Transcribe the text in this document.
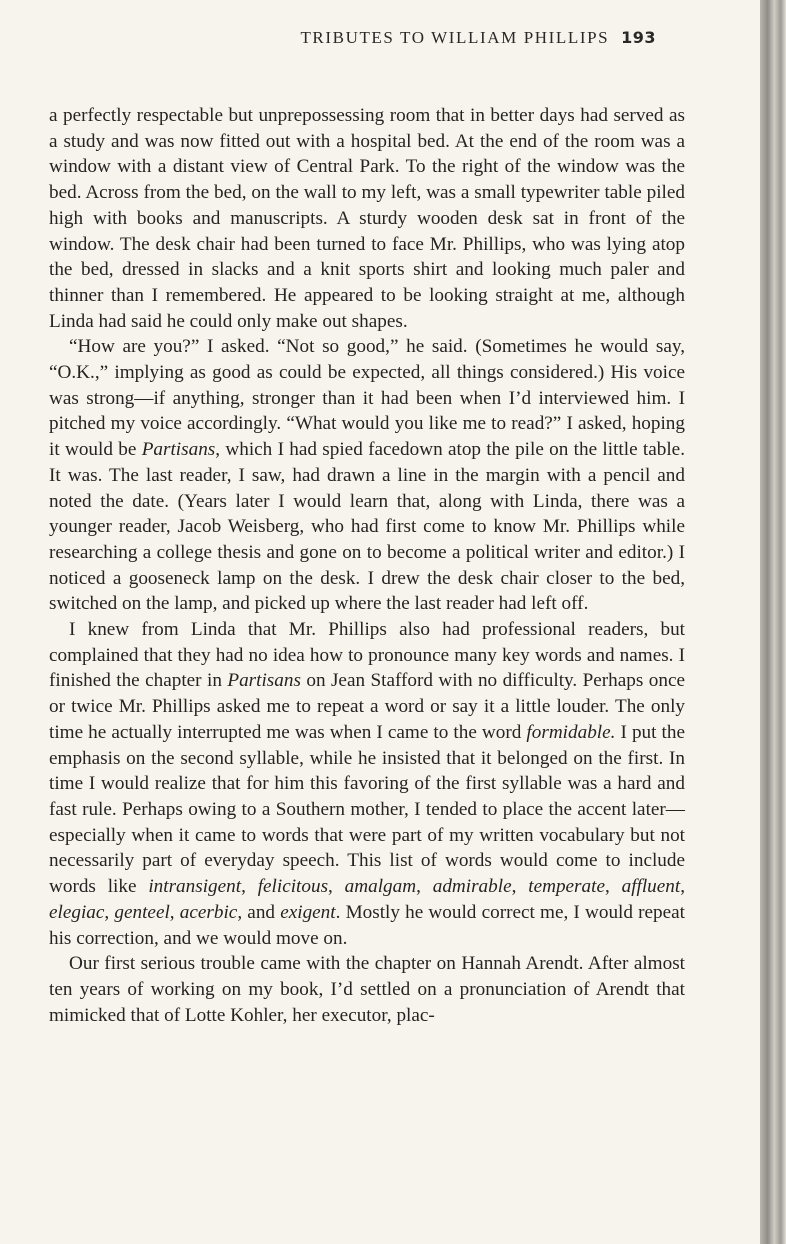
TRIBUTES TO WILLIAM PHILLIPS 193

a perfectly respectable but unprepossessing room that in better days had served as a study and was now fitted out with a hospital bed. At the end of the room was a window with a distant view of Central Park. To the right of the window was the bed. Across from the bed, on the wall to my left, was a small typewriter table piled high with books and manuscripts. A sturdy wooden desk sat in front of the window. The desk chair had been turned to face Mr. Phillips, who was lying atop the bed, dressed in slacks and a knit sports shirt and looking much paler and thinner than I remembered. He appeared to be looking straight at me, although Linda had said he could only make out shapes.

“How are you?” I asked. “Not so good,” he said. (Sometimes he would say, “O.K.,” implying as good as could be expected, all things considered.) His voice was strong—if anything, stronger than it had been when I’d interviewed him. I pitched my voice accordingly. “What would you like me to read?” I asked, hoping it would be Partisans, which I had spied facedown atop the pile on the little table. It was. The last reader, I saw, had drawn a line in the margin with a pencil and noted the date. (Years later I would learn that, along with Linda, there was a younger reader, Jacob Weisberg, who had first come to know Mr. Phillips while researching a college thesis and gone on to become a political writer and editor.) I noticed a gooseneck lamp on the desk. I drew the desk chair closer to the bed, switched on the lamp, and picked up where the last reader had left off.

I knew from Linda that Mr. Phillips also had professional readers, but complained that they had no idea how to pronounce many key words and names. I finished the chapter in Partisans on Jean Stafford with no difficulty. Perhaps once or twice Mr. Phillips asked me to repeat a word or say it a little louder. The only time he actually interrupted me was when I came to the word formidable. I put the emphasis on the second syllable, while he insisted that it belonged on the first. In time I would realize that for him this favoring of the first syllable was a hard and fast rule. Perhaps owing to a Southern mother, I tended to place the accent later—especially when it came to words that were part of my written vocabulary but not necessarily part of everyday speech. This list of words would come to include words like intransigent, felicitous, amalgam, admirable, temperate, affluent, elegiac, genteel, acerbic, and exigent. Mostly he would correct me, I would repeat his correction, and we would move on.

Our first serious trouble came with the chapter on Hannah Arendt. After almost ten years of working on my book, I’d settled on a pronunciation of Arendt that mimicked that of Lotte Kohler, her executor, plac-
